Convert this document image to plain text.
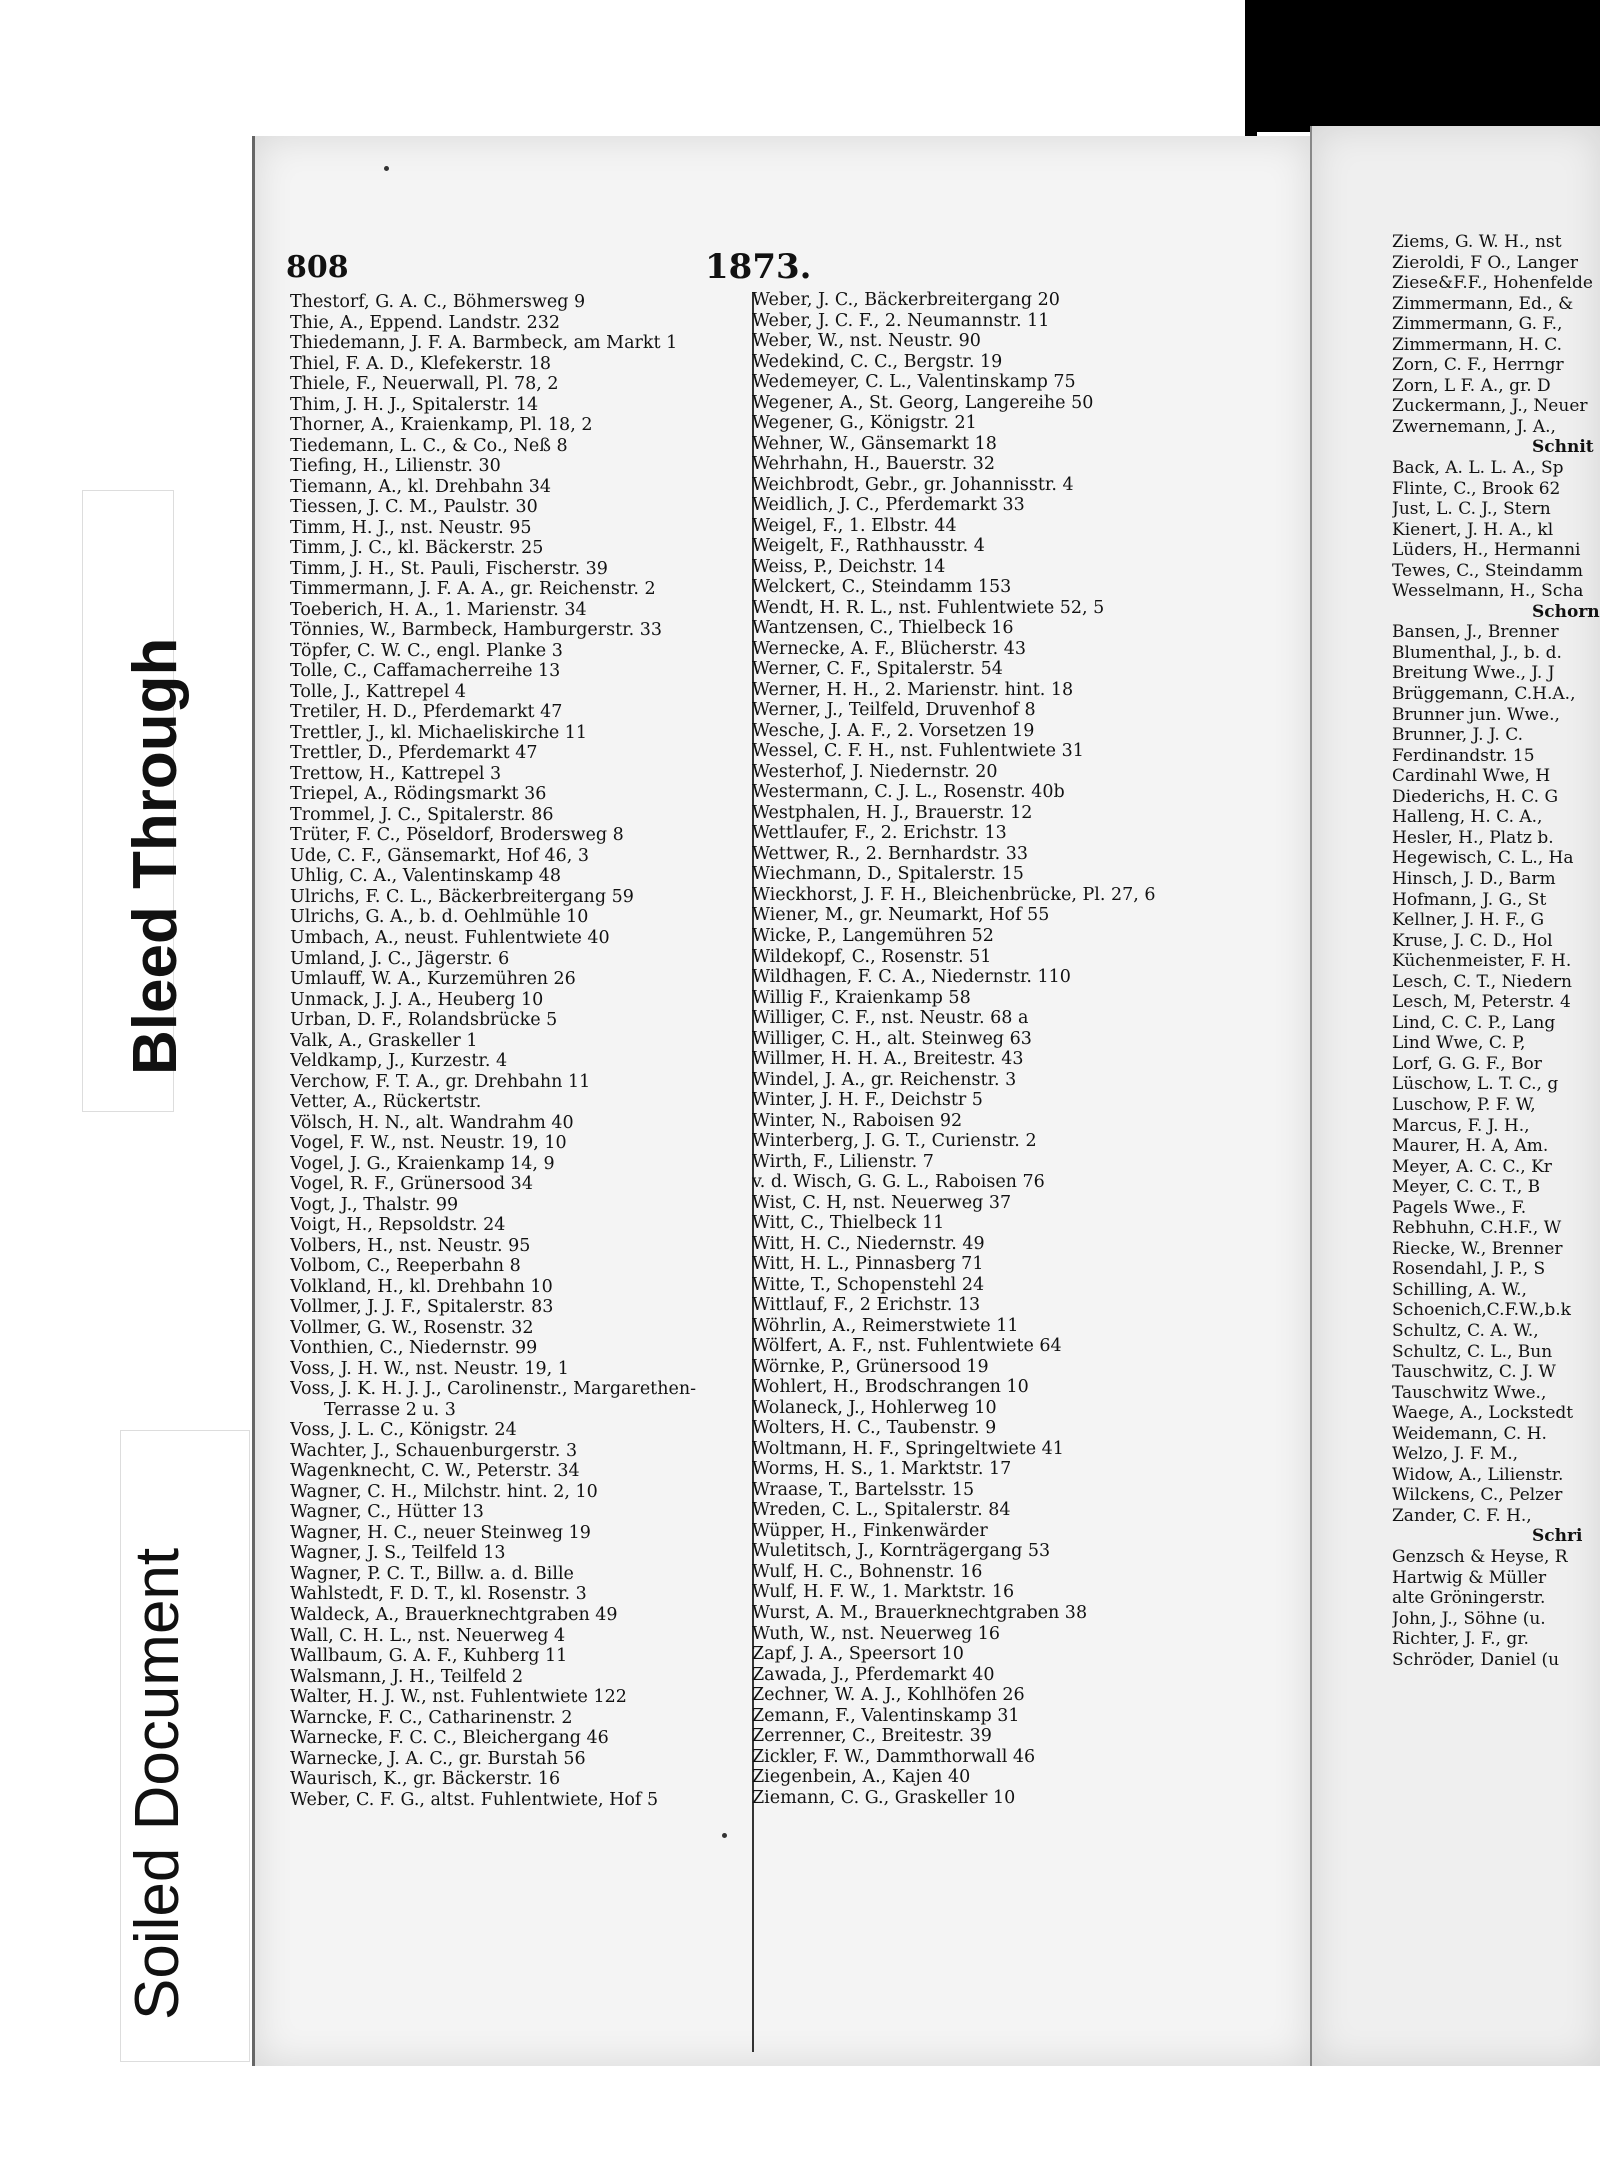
Bleed Through
Soiled Document
808	1873.
Thestorf, G. A. C., Böhmersweg 9
Thie, A., Eppend. Landstr. 232
Thiedemann, J. F. A. Barmbeck, am Markt 1
Thiel, F. A. D., Klefekerstr. 18
Thiele, F., Neuerwall, Pl. 78, 2
Thim, J. H. J., Spitalerstr. 14
Thorner, A., Kraienkamp, Pl. 18, 2
Tiedemann, L. C., & Co., Neß 8
Tiefing, H., Lilienstr. 30
Tiemann, A., kl. Drehbahn 34
Tiessen, J. C. M., Paulstr. 30
Timm, H. J., nst. Neustr. 95
Timm, J. C., kl. Bäckerstr. 25
Timm, J. H., St. Pauli, Fischerstr. 39
Timmermann, J. F. A. A., gr. Reichenstr. 2
Toeberich, H. A., 1. Marienstr. 34
Tönnies, W., Barmbeck, Hamburgerstr. 33
Töpfer, C. W. C., engl. Planke 3
Tolle, C., Caffamacherreihe 13
Tolle, J., Kattrepel 4
Tretiler, H. D., Pferdemarkt 47
Trettler, J., kl. Michaeliskirche 11
Trettler, D., Pferdemarkt 47
Trettow, H., Kattrepel 3
Triepel, A., Rödingsmarkt 36
Trommel, J. C., Spitalerstr. 86
Trüter, F. C., Pöseldorf, Brodersweg 8
Ude, C. F., Gänsemarkt, Hof 46, 3
Uhlig, C. A., Valentinskamp 48
Ulrichs, F. C. L., Bäckerbreitergang 59
Ulrichs, G. A., b. d. Oehlmühle 10
Umbach, A., neust. Fuhlentwiete 40
Umland, J. C., Jägerstr. 6
Umlauff, W. A., Kurzemühren 26
Unmack, J. J. A., Heuberg 10
Urban, D. F., Rolandsbrücke 5
Valk, A., Graskeller 1
Veldkamp, J., Kurzestr. 4
Verchow, F. T. A., gr. Drehbahn 11
Vetter, A., Rückertstr.
Völsch, H. N., alt. Wandrahm 40
Vogel, F. W., nst. Neustr. 19, 10
Vogel, J. G., Kraienkamp 14, 9
Vogel, R. F., Grünersood 34
Vogt, J., Thalstr. 99
Voigt, H., Repsoldstr. 24
Volbers, H., nst. Neustr. 95
Volbom, C., Reeperbahn 8
Volkland, H., kl. Drehbahn 10
Vollmer, J. J. F., Spitalerstr. 83
Vollmer, G. W., Rosenstr. 32
Vonthien, C., Niedernstr. 99
Voss, J. H. W., nst. Neustr. 19, 1
Voss, J. K. H. J. J., Carolinenstr., Margarethen-
Terrasse 2 u. 3
Voss, J. L. C., Königstr. 24
Wachter, J., Schauenburgerstr. 3
Wagenknecht, C. W., Peterstr. 34
Wagner, C. H., Milchstr. hint. 2, 10
Wagner, C., Hütter 13
Wagner, H. C., neuer Steinweg 19
Wagner, J. S., Teilfeld 13
Wagner, P. C. T., Billw. a. d. Bille
Wahlstedt, F. D. T., kl. Rosenstr. 3
Waldeck, A., Brauerknechtgraben 49
Wall, C. H. L., nst. Neuerweg 4
Wallbaum, G. A. F., Kuhberg 11
Walsmann, J. H., Teilfeld 2
Walter, H. J. W., nst. Fuhlentwiete 122
Warncke, F. C., Catharinenstr. 2
Warnecke, F. C. C., Bleichergang 46
Warnecke, J. A. C., gr. Burstah 56
Waurisch, K., gr. Bäckerstr. 16
Weber, C. F. G., altst. Fuhlentwiete, Hof 5
Weber, J. C., Bäckerbreitergang 20
Weber, J. C. F., 2. Neumannstr. 11
Weber, W., nst. Neustr. 90
Wedekind, C. C., Bergstr. 19
Wedemeyer, C. L., Valentinskamp 75
Wegener, A., St. Georg, Langereihe 50
Wegener, G., Königstr. 21
Wehner, W., Gänsemarkt 18
Wehrhahn, H., Bauerstr. 32
Weichbrodt, Gebr., gr. Johannisstr. 4
Weidlich, J. C., Pferdemarkt 33
Weigel, F., 1. Elbstr. 44
Weigelt, F., Rathhausstr. 4
Weiss, P., Deichstr. 14
Welckert, C., Steindamm 153
Wendt, H. R. L., nst. Fuhlentwiete 52, 5
Wantzensen, C., Thielbeck 16
Wernecke, A. F., Blücherstr. 43
Werner, C. F., Spitalerstr. 54
Werner, H. H., 2. Marienstr. hint. 18
Werner, J., Teilfeld, Druvenhof 8
Wesche, J. A. F., 2. Vorsetzen 19
Wessel, C. F. H., nst. Fuhlentwiete 31
Westerhof, J. Niedernstr. 20
Westermann, C. J. L., Rosenstr. 40b
Westphalen, H. J., Brauerstr. 12
Wettlaufer, F., 2. Erichstr. 13
Wettwer, R., 2. Bernhardstr. 33
Wiechmann, D., Spitalerstr. 15
Wieckhorst, J. F. H., Bleichenbrücke, Pl. 27, 6
Wiener, M., gr. Neumarkt, Hof 55
Wicke, P., Langemühren 52
Wildekopf, C., Rosenstr. 51
Wildhagen, F. C. A., Niedernstr. 110
Willig F., Kraienkamp 58
Williger, C. F., nst. Neustr. 68 a
Williger, C. H., alt. Steinweg 63
Willmer, H. H. A., Breitestr. 43
Windel, J. A., gr. Reichenstr. 3
Winter, J. H. F., Deichstr 5
Winter, N., Raboisen 92
Winterberg, J. G. T., Curienstr. 2
Wirth, F., Lilienstr. 7
v. d. Wisch, G. G. L., Raboisen 76
Wist, C. H, nst. Neuerweg 37
Witt, C., Thielbeck 11
Witt, H. C., Niedernstr. 49
Witt, H. L., Pinnasberg 71
Witte, T., Schopenstehl 24
Wittlauf, F., 2 Erichstr. 13
Wöhrlin, A., Reimerstwiete 11
Wölfert, A. F., nst. Fuhlentwiete 64
Wörnke, P., Grünersood 19
Wohlert, H., Brodschrangen 10
Wolaneck, J., Hohlerweg 10
Wolters, H. C., Taubenstr. 9
Woltmann, H. F., Springeltwiete 41
Worms, H. S., 1. Marktstr. 17
Wraase, T., Bartelsstr. 15
Wreden, C. L., Spitalerstr. 84
Wüpper, H., Finkenwärder
Wuletitsch, J., Kornträgergang 53
Wulf, H. C., Bohnenstr. 16
Wulf, H. F. W., 1. Marktstr. 16
Wurst, A. M., Brauerknechtgraben 38
Wuth, W., nst. Neuerweg 16
Zapf, J. A., Speersort 10
Zawada, J., Pferdemarkt 40
Zechner, W. A. J., Kohlhöfen 26
Zemann, F., Valentinskamp 31
Zerrenner, C., Breitestr. 39
Zickler, F. W., Dammthorwall 46
Ziegenbein, A., Kajen 40
Ziemann, C. G., Graskeller 10
Ziems, G. W. H., nst
Zieroldi, F O., Langer
Ziese&F.F., Hohenfelde
Zimmermann, Ed., &
Zimmermann, G. F.,
Zimmermann, H. C.
Zorn, C. F., Herrngr
Zorn, L F. A., gr. D
Zuckermann, J., Neuer
Zwernemann, J. A.,
Schnit
Back, A. L. L. A., Sp
Flinte, C., Brook 62
Just, L. C. J., Stern
Kienert, J. H. A., kl
Lüders, H., Hermanni
Tewes, C., Steindamm
Wesselmann, H., Scha
Schorn
Bansen, J., Brenner
Blumenthal, J., b. d.
Breitung Wwe., J. J
Brüggemann, C.H.A.,
Brunner jun. Wwe.,
Brunner, J. J. C.
Ferdinandstr. 15
Cardinahl Wwe, H
Diederichs, H. C. G
Halleng, H. C. A.,
Hesler, H., Platz b.
Hegewisch, C. L., Ha
Hinsch, J. D., Barm
Hofmann, J. G., St
Kellner, J. H. F., G
Kruse, J. C. D., Hol
Küchenmeister, F. H.
Lesch, C. T., Niedern
Lesch, M, Peterstr. 4
Lind, C. C. P., Lang
Lind Wwe, C. P,
Lorf, G. G. F., Bor
Lüschow, L. T. C., g
Luschow, P. F. W,
Marcus, F. J. H.,
Maurer, H. A, Am.
Meyer, A. C. C., Kr
Meyer, C. C. T., B
Pagels Wwe., F.
Rebhuhn, C.H.F., W
Riecke, W., Brenner
Rosendahl, J. P., S
Schilling, A. W.,
Schoenich,C.F.W.,b.k
Schultz, C. A. W.,
Schultz, C. L., Bun
Tauschwitz, C. J. W
Tauschwitz Wwe.,
Waege, A., Lockstedt
Weidemann, C. H.
Welzo, J. F. M.,
Widow, A., Lilienstr.
Wilckens, C., Pelzer
Zander, C. F. H.,
Schri
Genzsch & Heyse, R
Hartwig & Müller
alte Gröningerstr.
John, J., Söhne (u.
Richter, J. F., gr.
Schröder, Daniel (u
